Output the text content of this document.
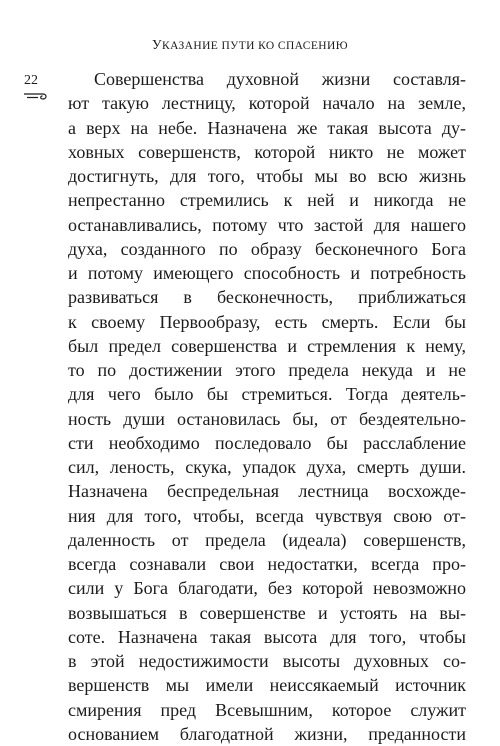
УКАЗАНИЕ ПУТИ КО СПАСЕНИЮ
22	Совершенства духовной жизни составля-
ют такую лестницу, которой начало на земле,
а верх на небе. Назначена же такая высота ду-
ховных совершенств, которой никто не может
достигнуть, для того, чтобы мы во всю жизнь
непрестанно стремились к ней и никогда не
останавливались, потому что застой для нашего
духа, созданного по образу бесконечного Бога
и потому имеющего способность и потребность
развиваться в бесконечность, приближаться
к своему Первообразу, есть смерть. Если бы
был предел совершенства и стремления к нему,
то по достижении этого предела некуда и не
для чего было бы стремиться. Тогда деятель-
ность души остановилась бы, от бездеятельно-
сти необходимо последовало бы расслабление
сил, леность, скука, упадок духа, смерть души.
Назначена беспредельная лестница восхожде-
ния для того, чтобы, всегда чувствуя свою от-
даленность от предела (идеала) совершенств,
всегда сознавали свои недостатки, всегда про-
сили у Бога благодати, без которой невозможно
возвышаться в совершенстве и устоять на вы-
соте. Назначена такая высота для того, чтобы
в этой недостижимости высоты духовных со-
вершенств мы имели неиссякаемый источник
смирения пред Всевышним, которое служит
основанием благодатной жизни, преданности
